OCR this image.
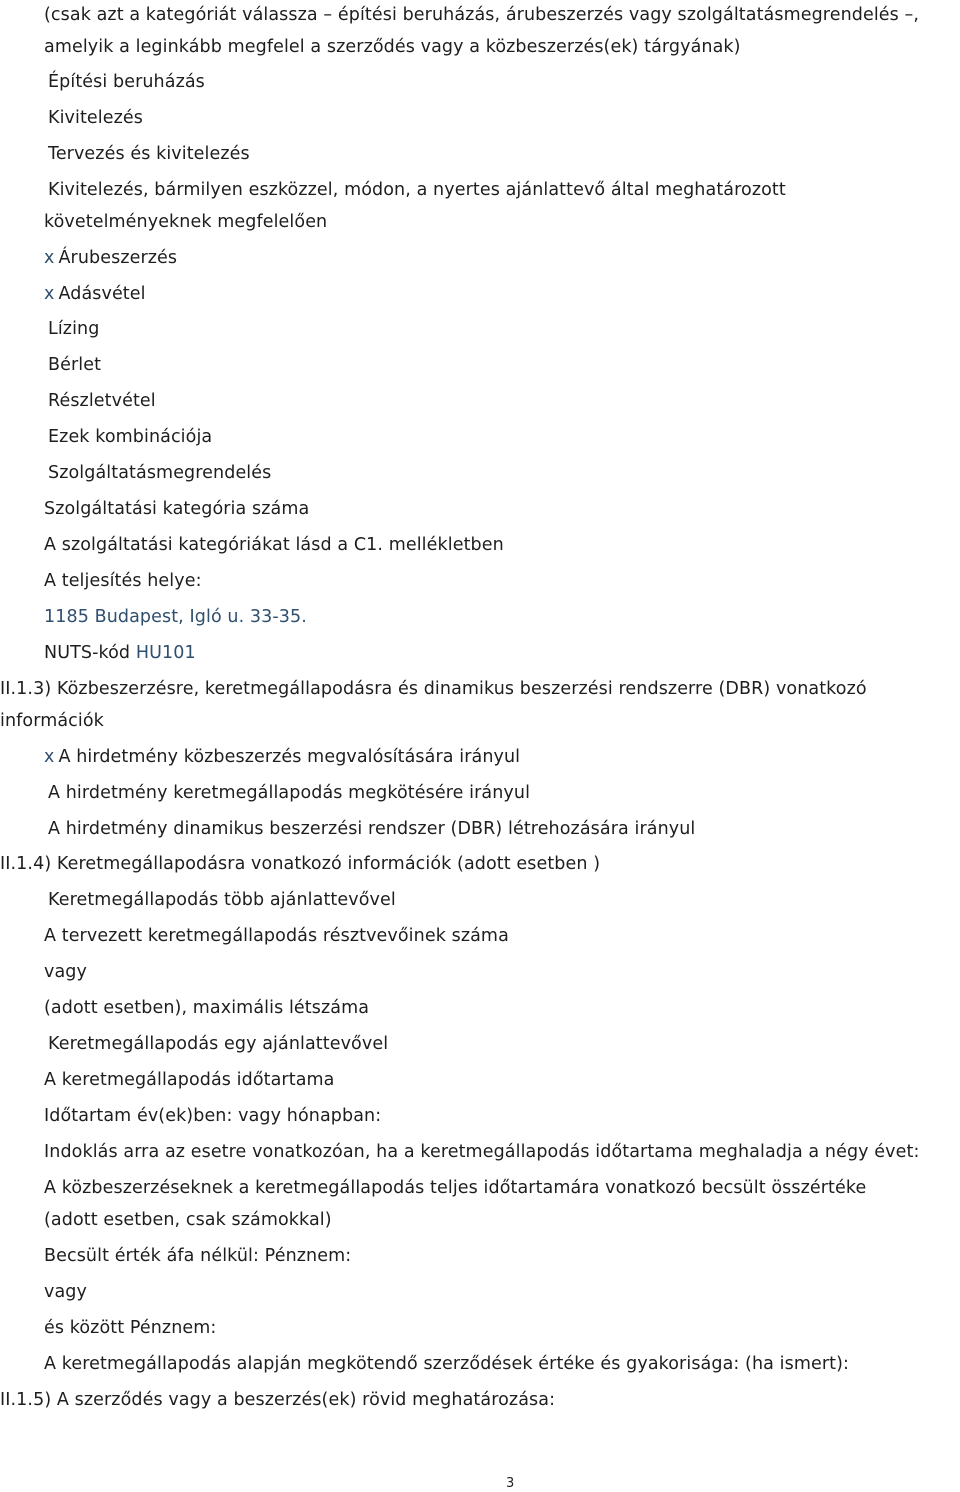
(csak azt a kategóriát válassza – építési beruházás, árubeszerzés vagy szolgáltatásmegrendelés –,
amelyik a leginkább megfelel a szerződés vagy a közbeszerzés(ek) tárgyának)
Építési beruházás
Kivitelezés
Tervezés és kivitelezés
Kivitelezés, bármilyen eszközzel, módon, a nyertes ajánlattevő által meghatározott
követelményeknek megfelelően
x Árubeszerzés
x Adásvétel
Lízing
Bérlet
Részletvétel
Ezek kombinációja
Szolgáltatásmegrendelés
Szolgáltatási kategória száma
A szolgáltatási kategóriákat lásd a C1. mellékletben
A teljesítés helye:
1185 Budapest, Igló u. 33-35.
NUTS-kód HU101
II.1.3) Közbeszerzésre, keretmegállapodásra és dinamikus beszerzési rendszerre (DBR) vonatkozó
információk
x A hirdetmény közbeszerzés megvalósítására irányul
A hirdetmény keretmegállapodás megkötésére irányul
A hirdetmény dinamikus beszerzési rendszer (DBR) létrehozására irányul
II.1.4) Keretmegállapodásra vonatkozó információk (adott esetben )
Keretmegállapodás több ajánlattevővel
A tervezett keretmegállapodás résztvevőinek száma
vagy
(adott esetben), maximális létszáma
Keretmegállapodás egy ajánlattevővel
A keretmegállapodás időtartama
Időtartam év(ek)ben: vagy hónapban:
Indoklás arra az esetre vonatkozóan, ha a keretmegállapodás időtartama meghaladja a négy évet:
A közbeszerzéseknek a keretmegállapodás teljes időtartamára vonatkozó becsült összértéke
(adott esetben, csak számokkal)
Becsült érték áfa nélkül: Pénznem:
vagy
és között Pénznem:
A keretmegállapodás alapján megkötendő szerződések értéke és gyakorisága: (ha ismert):
II.1.5) A szerződés vagy a beszerzés(ek) rövid meghatározása:
3
